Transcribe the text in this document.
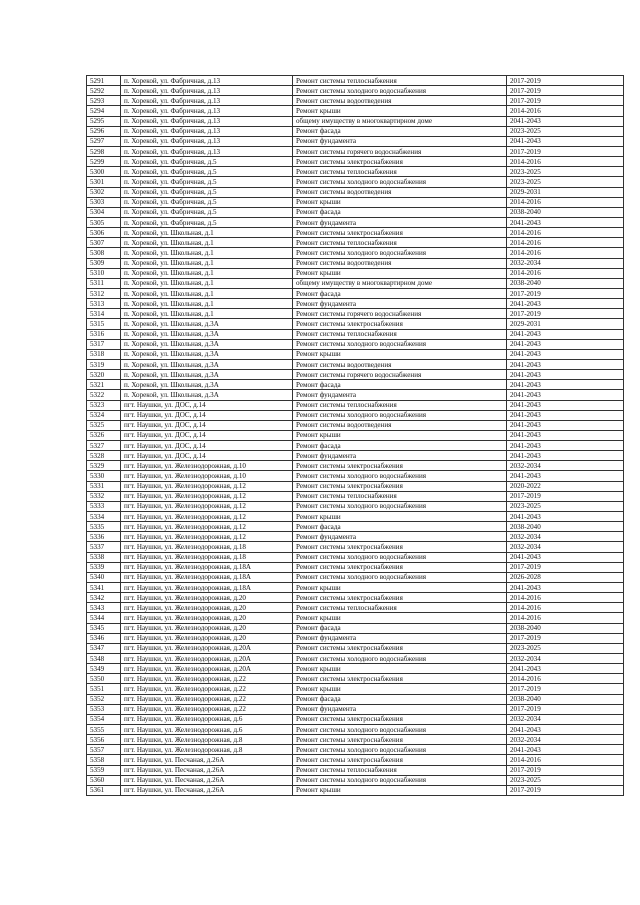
5291	п. Хорекой, ул. Фабричная, д.13	Ремонт системы теплоснабжения	2017-2019
5292	п. Хорекой, ул. Фабричная, д.13	Ремонт системы холодного водоснабжения	2017-2019
5293	п. Хорекой, ул. Фабричная, д.13	Ремонт системы водоотведения	2017-2019
5294	п. Хорекой, ул. Фабричная, д.13	Ремонт крыши	2014-2016
5295	п. Хорекой, ул. Фабричная, д.13	общему имуществу в многоквартирном доме	2041-2043
5296	п. Хорекой, ул. Фабричная, д.13	Ремонт фасада	2023-2025
5297	п. Хорекой, ул. Фабричная, д.13	Ремонт фундамента	2041-2043
5298	п. Хорекой, ул. Фабричная, д.13	Ремонт системы горячего водоснабжения	2017-2019
5299	п. Хорекой, ул. Фабричная, д.5	Ремонт системы электроснабжения	2014-2016
5300	п. Хорекой, ул. Фабричная, д.5	Ремонт системы теплоснабжения	2023-2025
5301	п. Хорекой, ул. Фабричная, д.5	Ремонт системы холодного водоснабжения	2023-2025
5302	п. Хорекой, ул. Фабричная, д.5	Ремонт системы водоотведения	2029-2031
5303	п. Хорекой, ул. Фабричная, д.5	Ремонт крыши	2014-2016
5304	п. Хорекой, ул. Фабричная, д.5	Ремонт фасада	2038-2040
5305	п. Хорекой, ул. Фабричная, д.5	Ремонт фундамента	2041-2043
5306	п. Хорекой, ул. Школьная, д.1	Ремонт системы электроснабжения	2014-2016
5307	п. Хорекой, ул. Школьная, д.1	Ремонт системы теплоснабжения	2014-2016
5308	п. Хорекой, ул. Школьная, д.1	Ремонт системы холодного водоснабжения	2014-2016
5309	п. Хорекой, ул. Школьная, д.1	Ремонт системы водоотведения	2032-2034
5310	п. Хорекой, ул. Школьная, д.1	Ремонт крыши	2014-2016
5311	п. Хорекой, ул. Школьная, д.1	общему имуществу в многоквартирном доме	2038-2040
5312	п. Хорекой, ул. Школьная, д.1	Ремонт фасада	2017-2019
5313	п. Хорекой, ул. Школьная, д.1	Ремонт фундамента	2041-2043
5314	п. Хорекой, ул. Школьная, д.1	Ремонт системы горячего водоснабжения	2017-2019
5315	п. Хорекой, ул. Школьная, д.3А	Ремонт системы электроснабжения	2029-2031
5316	п. Хорекой, ул. Школьная, д.3А	Ремонт системы теплоснабжения	2041-2043
5317	п. Хорекой, ул. Школьная, д.3А	Ремонт системы холодного водоснабжения	2041-2043
5318	п. Хорекой, ул. Школьная, д.3А	Ремонт крыши	2041-2043
5319	п. Хорекой, ул. Школьная, д.3А	Ремонт системы водоотведения	2041-2043
5320	п. Хорекой, ул. Школьная, д.3А	Ремонт системы горячего водоснабжения	2041-2043
5321	п. Хорекой, ул. Школьная, д.3А	Ремонт фасада	2041-2043
5322	п. Хорекой, ул. Школьная, д.3А	Ремонт фундамента	2041-2043
5323	пгт. Наушки, ул. ДОС, д.14	Ремонт системы теплоснабжения	2041-2043
5324	пгт. Наушки, ул. ДОС, д.14	Ремонт системы холодного водоснабжения	2041-2043
5325	пгт. Наушки, ул. ДОС, д.14	Ремонт системы водоотведения	2041-2043
5326	пгт. Наушки, ул. ДОС, д.14	Ремонт крыши	2041-2043
5327	пгт. Наушки, ул. ДОС, д.14	Ремонт фасада	2041-2043
5328	пгт. Наушки, ул. ДОС, д.14	Ремонт фундамента	2041-2043
5329	пгт. Наушки, ул. Железнодорожная, д.10	Ремонт системы электроснабжения	2032-2034
5330	пгт. Наушки, ул. Железнодорожная, д.10	Ремонт системы холодного водоснабжения	2041-2043
5331	пгт. Наушки, ул. Железнодорожная, д.12	Ремонт системы электроснабжения	2020-2022
5332	пгт. Наушки, ул. Железнодорожная, д.12	Ремонт системы теплоснабжения	2017-2019
5333	пгт. Наушки, ул. Железнодорожная, д.12	Ремонт системы холодного водоснабжения	2023-2025
5334	пгт. Наушки, ул. Железнодорожная, д.12	Ремонт крыши	2041-2043
5335	пгт. Наушки, ул. Железнодорожная, д.12	Ремонт фасада	2038-2040
5336	пгт. Наушки, ул. Железнодорожная, д.12	Ремонт фундамента	2032-2034
5337	пгт. Наушки, ул. Железнодорожная, д.18	Ремонт системы электроснабжения	2032-2034
5338	пгт. Наушки, ул. Железнодорожная, д.18	Ремонт системы холодного водоснабжения	2041-2043
5339	пгт. Наушки, ул. Железнодорожная, д.18А	Ремонт системы электроснабжения	2017-2019
5340	пгт. Наушки, ул. Железнодорожная, д.18А	Ремонт системы холодного водоснабжения	2026-2028
5341	пгт. Наушки, ул. Железнодорожная, д.18А	Ремонт крыши	2041-2043
5342	пгт. Наушки, ул. Железнодорожная, д.20	Ремонт системы электроснабжения	2014-2016
5343	пгт. Наушки, ул. Железнодорожная, д.20	Ремонт системы теплоснабжения	2014-2016
5344	пгт. Наушки, ул. Железнодорожная, д.20	Ремонт крыши	2014-2016
5345	пгт. Наушки, ул. Железнодорожная, д.20	Ремонт фасада	2038-2040
5346	пгт. Наушки, ул. Железнодорожная, д.20	Ремонт фундамента	2017-2019
5347	пгт. Наушки, ул. Железнодорожная, д.20А	Ремонт системы электроснабжения	2023-2025
5348	пгт. Наушки, ул. Железнодорожная, д.20А	Ремонт системы холодного водоснабжения	2032-2034
5349	пгт. Наушки, ул. Железнодорожная, д.20А	Ремонт крыши	2041-2043
5350	пгт. Наушки, ул. Железнодорожная, д.22	Ремонт системы электроснабжения	2014-2016
5351	пгт. Наушки, ул. Железнодорожная, д.22	Ремонт крыши	2017-2019
5352	пгт. Наушки, ул. Железнодорожная, д.22	Ремонт фасада	2038-2040
5353	пгт. Наушки, ул. Железнодорожная, д.22	Ремонт фундамента	2017-2019
5354	пгт. Наушки, ул. Железнодорожная, д.6	Ремонт системы электроснабжения	2032-2034
5355	пгт. Наушки, ул. Железнодорожная, д.6	Ремонт системы холодного водоснабжения	2041-2043
5356	пгт. Наушки, ул. Железнодорожная, д.8	Ремонт системы электроснабжения	2032-2034
5357	пгт. Наушки, ул. Железнодорожная, д.8	Ремонт системы холодного водоснабжения	2041-2043
5358	пгт. Наушки, ул. Песчаная, д.26А	Ремонт системы электроснабжения	2014-2016
5359	пгт. Наушки, ул. Песчаная, д.26А	Ремонт системы теплоснабжения	2017-2019
5360	пгт. Наушки, ул. Песчаная, д.26А	Ремонт системы холодного водоснабжения	2023-2025
5361	пгт. Наушки, ул. Песчаная, д.26А	Ремонт крыши	2017-2019
